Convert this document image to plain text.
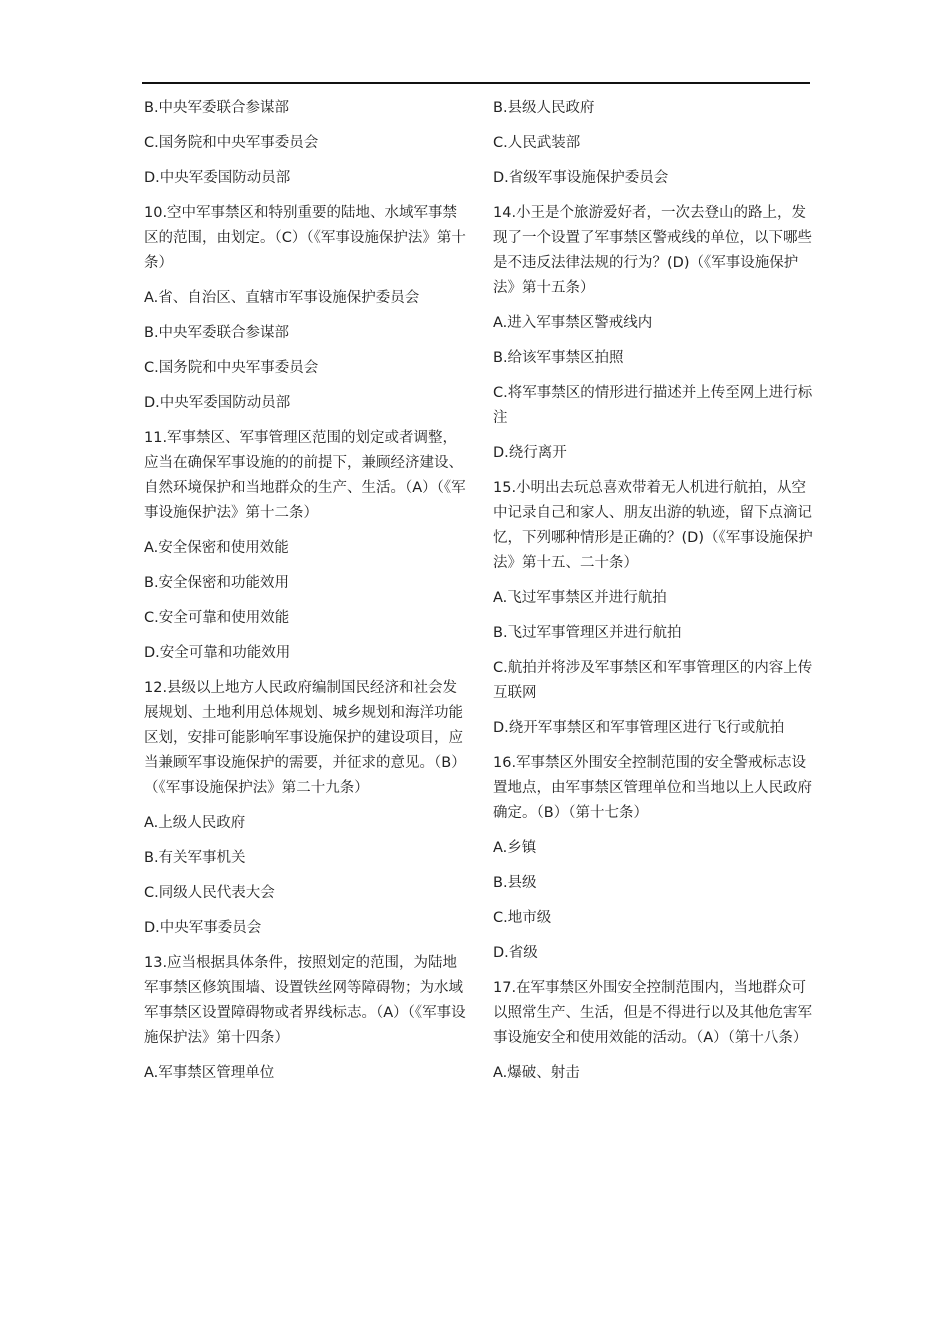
B.中央军委联合参谋部

C.国务院和中央军事委员会

D.中央军委国防动员部

10.空中军事禁区和特别重要的陆地、水域军事禁区的范围，由划定。（C）（《军事设施保护法》第十条）

A.省、自治区、直辖市军事设施保护委员会

B.中央军委联合参谋部

C.国务院和中央军事委员会

D.中央军委国防动员部

11.军事禁区、军事管理区范围的划定或者调整，应当在确保军事设施的的前提下，兼顾经济建设、自然环境保护和当地群众的生产、生活。（A）（《军事设施保护法》第十二条）

A.安全保密和使用效能

B.安全保密和功能效用

C.安全可靠和使用效能

D.安全可靠和功能效用

12.县级以上地方人民政府编制国民经济和社会发展规划、土地利用总体规划、城乡规划和海洋功能区划，安排可能影响军事设施保护的建设项目，应当兼顾军事设施保护的需要，并征求的意见。（B）（《军事设施保护法》第二十九条）

A.上级人民政府

B.有关军事机关

C.同级人民代表大会

D.中央军事委员会

13.应当根据具体条件，按照划定的范围，为陆地军事禁区修筑围墙、设置铁丝网等障碍物；为水域军事禁区设置障碍物或者界线标志。（A）（《军事设施保护法》第十四条）

A.军事禁区管理单位

B.县级人民政府

C.人民武装部

D.省级军事设施保护委员会

14.小王是个旅游爱好者，一次去登山的路上，发现了一个设置了军事禁区警戒线的单位，以下哪些是不违反法律法规的行为？(D)（《军事设施保护法》第十五条）

A.进入军事禁区警戒线内

B.给该军事禁区拍照

C.将军事禁区的情形进行描述并上传至网上进行标注

D.绕行离开

15.小明出去玩总喜欢带着无人机进行航拍，从空中记录自己和家人、朋友出游的轨迹，留下点滴记忆，下列哪种情形是正确的？(D)（《军事设施保护法》第十五、二十条）

A.飞过军事禁区并进行航拍

B.飞过军事管理区并进行航拍

C.航拍并将涉及军事禁区和军事管理区的内容上传互联网

D.绕开军事禁区和军事管理区进行飞行或航拍

16.军事禁区外围安全控制范围的安全警戒标志设置地点，由军事禁区管理单位和当地以上人民政府确定。（B）（第十七条）

A.乡镇

B.县级

C.地市级

D.省级

17.在军事禁区外围安全控制范围内，当地群众可以照常生产、生活，但是不得进行以及其他危害军事设施安全和使用效能的活动。（A）（第十八条）

A.爆破、射击
